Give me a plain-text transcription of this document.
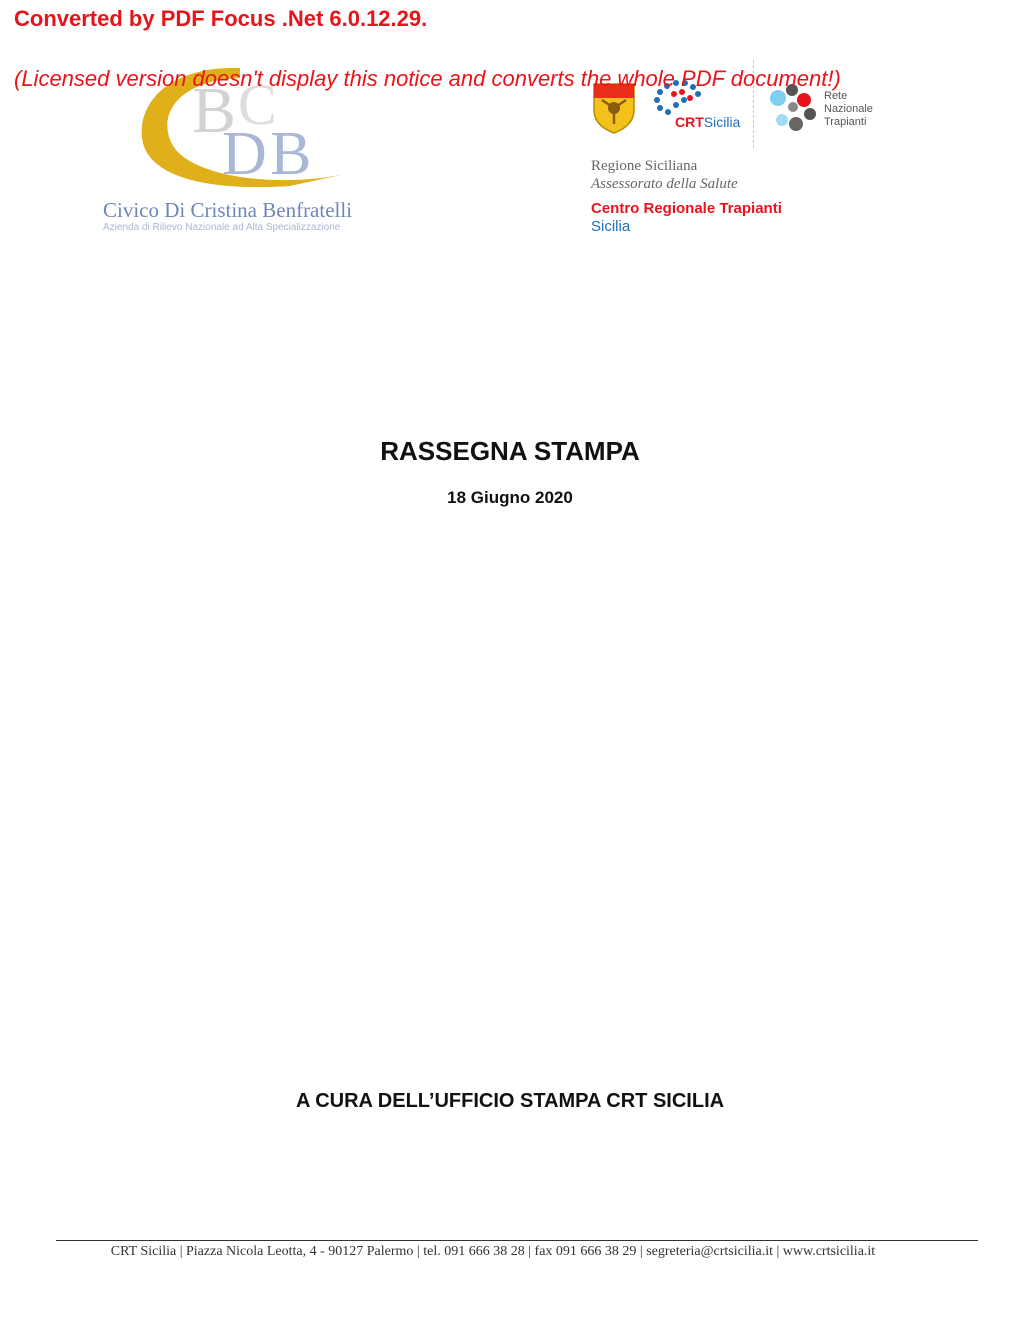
Converted by PDF Focus .Net 6.0.12.29.
(Licensed version doesn't display this notice and converts the whole PDF document!)
B C
D B
Civico Di Cristina Benfratelli
Azienda di Rilievo Nazionale ad Alta Specializzazione
CRTSicilia
Rete
Nazionale
Trapianti
Regione Siciliana
Assessorato della Salute
Centro Regionale Trapianti
Sicilia
RASSEGNA STAMPA
18 Giugno 2020
A CURA DELL’UFFICIO STAMPA CRT SICILIA
CRT Sicilia | Piazza Nicola Leotta, 4 - 90127 Palermo | tel. 091 666 38 28 | fax 091 666 38 29 | segreteria@crtsicilia.it | www.crtsicilia.it
